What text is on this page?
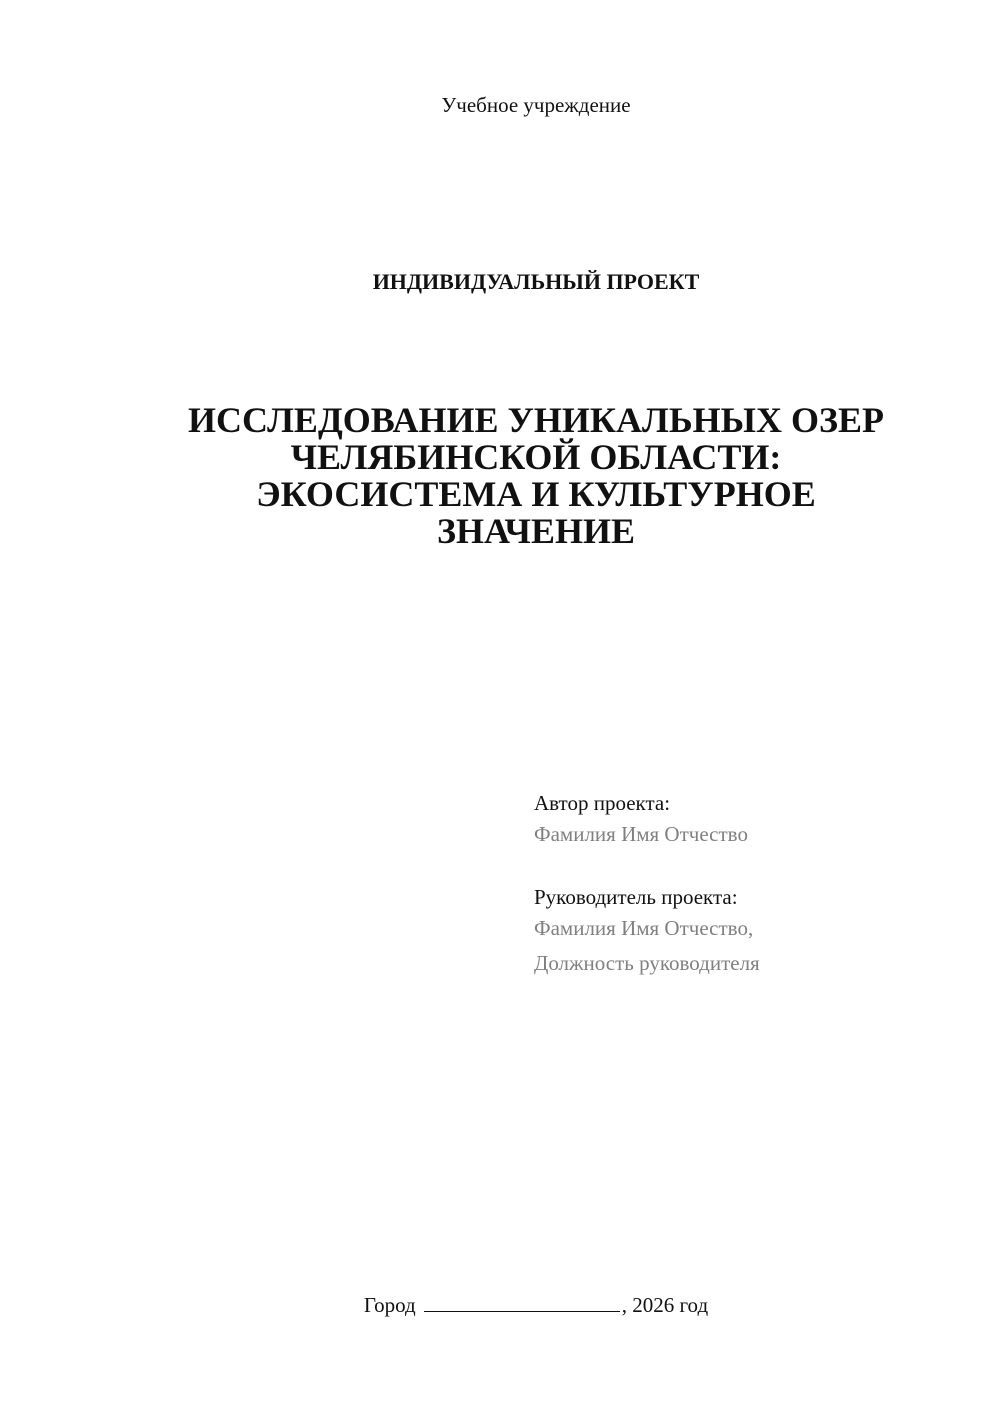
Учебное учреждение
ИНДИВИДУАЛЬНЫЙ ПРОЕКТ
ИССЛЕДОВАНИЕ УНИКАЛЬНЫХ ОЗЕР
ЧЕЛЯБИНСКОЙ ОБЛАСТИ:
ЭКОСИСТЕМА И КУЛЬТУРНОЕ
ЗНАЧЕНИЕ
Автор проекта:
Фамилия Имя Отчество
Руководитель проекта:
Фамилия Имя Отчество,
Должность руководителя
Город	, 2026 год
